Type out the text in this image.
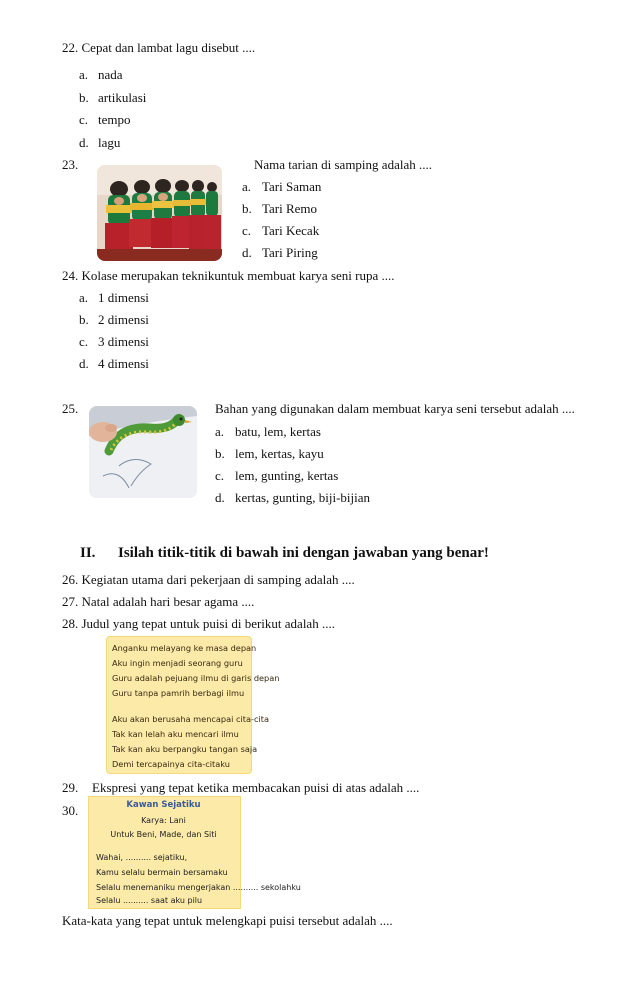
22. Cepat dan lambat lagu disebut ....
a. nada
b. artikulasi
c. tempo
d. lagu
23.	Nama tarian di samping adalah ....
a. Tari Saman
b. Tari Remo
c. Tari Kecak
d. Tari Piring
24. Kolase merupakan teknikuntuk membuat karya seni rupa ....
a. 1 dimensi
b. 2 dimensi
c. 3 dimensi
d. 4 dimensi
25.	Bahan yang digunakan dalam membuat karya seni tersebut adalah ....
a. batu, lem, kertas
b. lem, kertas, kayu
c. lem, gunting, kertas
d. kertas, gunting, biji-bijian
II. Isilah titik-titik di bawah ini dengan jawaban yang benar!
26. Kegiatan utama dari pekerjaan di samping adalah ....
27. Natal adalah hari besar agama ....
28. Judul yang tepat untuk puisi di berikut adalah ....
Anganku melayang ke masa depan
Aku ingin menjadi seorang guru
Guru adalah pejuang ilmu di garis depan
Guru tanpa pamrih berbagi ilmu
Aku akan berusaha mencapai cita-cita
Tak kan lelah aku mencari ilmu
Tak kan aku berpangku tangan saja
Demi tercapainya cita-citaku
29. Ekspresi yang tepat ketika membacakan puisi di atas adalah ....
30.	Kawan Sejatiku
Karya: Lani
Untuk Beni, Made, dan Siti
Wahai, .......... sejatiku,
Kamu selalu bermain bersamaku
Selalu menemaniku mengerjakan .......... sekolahku
Selalu .......... saat aku pilu
Kata-kata yang tepat untuk melengkapi puisi tersebut adalah ....
